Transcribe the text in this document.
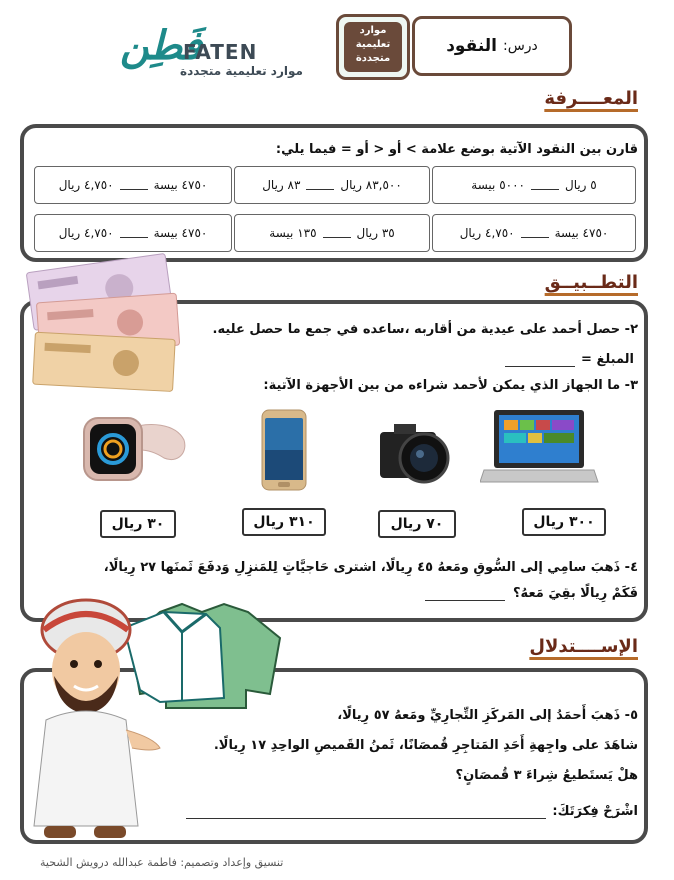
درس:
النقود
موارد
تعليمية
متجددة
فَطِن
FATEN
موارد تعليمية متجددة
المعــــرفة
قارن بين النقود الآتية بوضع علامة > أو < أو = فيما يلي:
٥ ريال
٥٠٠٠ بيسة
٨٣,٥٠٠ ريال
٨٣ ريال
٤٧٥٠ بيسة
٤,٧٥٠ ريال
٤٧٥٠ بيسة
٤,٧٥٠ ريال
٣٥ ريال
١٣٥ بيسة
٤٧٥٠ بيسة
٤,٧٥٠ ريال
التطــبيــق
٢- حصل أحمد على عيدية من أقاربه ،ساعده في جمع ما حصل عليه.
المبلغ =
٣- ما الجهاز الذي يمكن لأحمد شراءه من بين الأجهزة الآتية:
٣٠٠ ريال
٧٠ ريال
٣١٠ ريال
٣٠ ريال
٤- ذَهبَ سامِي إلى السُّوقِ ومَعهُ ٤٥ رِيالًا، اشترى حَاجيَّاتٍ لِلمَنزِلِ وَدفَعَ ثَمنَها ٢٧ رِيالًا،
فَكَمْ رِيالًا بقِيَ مَعهُ؟
الإســــتدلال
٥- ذَهبَ أَحمَدُ إلى المَركَزِ التِّجارِيِّ ومَعهُ ٥٧ رِيالًا،
شاهَدَ على واجِهةِ أَحَدِ المَتاجِرِ قُمصَانًا، ثَمنُ القَميصِ الواحِدِ ١٧ رِيالًا.
هلْ يَستَطيعُ شِراءَ ٣ قُمصَانٍ؟
اشْرَحْ فِكرَتَكَ:
تنسيق وإعداد وتصميم: فاطمة عبدالله درويش الشحية
